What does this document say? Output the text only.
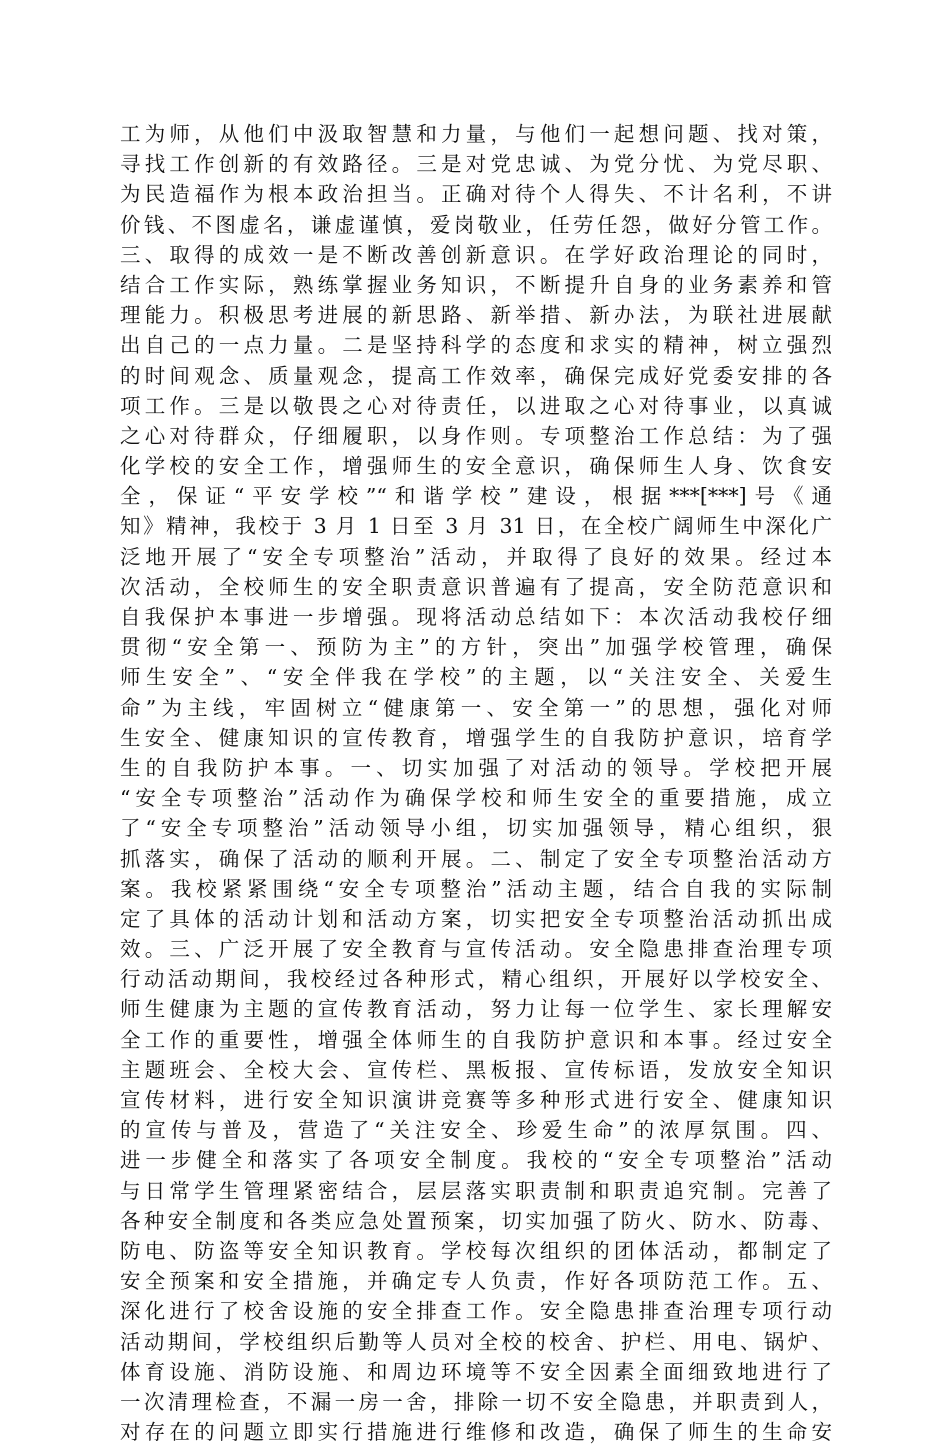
工为师，从他们中汲取智慧和力量，与他们一起想问题、找对策，
寻找工作创新的有效路径。三是对党忠诚、为党分忧、为党尽职、
为民造福作为根本政治担当。正确对待个人得失、不计名利，不讲
价钱、不图虚名，谦虚谨慎，爱岗敬业，任劳任怨，做好分管工作。
三、取得的成效一是不断改善创新意识。在学好政治理论的同时，
结合工作实际，熟练掌握业务知识，不断提升自身的业务素养和管
理能力。积极思考进展的新思路、新举措、新办法，为联社进展献
出自己的一点力量。二是坚持科学的态度和求实的精神，树立强烈
的时间观念、质量观念，提高工作效率，确保完成好党委安排的各
项工作。三是以敬畏之心对待责任，以进取之心对待事业，以真诚
之心对待群众，仔细履职，以身作则。专项整治工作总结：为了强
化学校的安全工作，增强师生的安全意识，确保师生人身、饮食安
全，保证“平安学校”“和谐学校”建设，根据***[***]号《通
知》精神，我校于 3 月 1 日至 3 月 31 日，在全校广阔师生中深化广
泛地开展了“安全专项整治”活动，并取得了良好的效果。经过本
次活动，全校师生的安全职责意识普遍有了提高，安全防范意识和
自我保护本事进一步增强。现将活动总结如下：本次活动我校仔细
贯彻“安全第一、预防为主”的方针，突出”加强学校管理，确保
师生安全”、“安全伴我在学校”的主题，以“关注安全、关爱生
命”为主线，牢固树立“健康第一、安全第一”的思想，强化对师
生安全、健康知识的宣传教育，增强学生的自我防护意识，培育学
生的自我防护本事。一、切实加强了对活动的领导。学校把开展
“安全专项整治”活动作为确保学校和师生安全的重要措施，成立
了“安全专项整治”活动领导小组，切实加强领导，精心组织，狠
抓落实，确保了活动的顺利开展。二、制定了安全专项整治活动方
案。我校紧紧围绕“安全专项整治”活动主题，结合自我的实际制
定了具体的活动计划和活动方案，切实把安全专项整治活动抓出成
效。三、广泛开展了安全教育与宣传活动。安全隐患排查治理专项
行动活动期间，我校经过各种形式，精心组织，开展好以学校安全、
师生健康为主题的宣传教育活动，努力让每一位学生、家长理解安
全工作的重要性，增强全体师生的自我防护意识和本事。经过安全
主题班会、全校大会、宣传栏、黑板报、宣传标语，发放安全知识
宣传材料，进行安全知识演讲竞赛等多种形式进行安全、健康知识
的宣传与普及，营造了“关注安全、珍爱生命”的浓厚氛围。四、
进一步健全和落实了各项安全制度。我校的“安全专项整治”活动
与日常学生管理紧密结合，层层落实职责制和职责追究制。完善了
各种安全制度和各类应急处置预案，切实加强了防火、防水、防毒、
防电、防盗等安全知识教育。学校每次组织的团体活动，都制定了
安全预案和安全措施，并确定专人负责，作好各项防范工作。五、
深化进行了校舍设施的安全排查工作。安全隐患排查治理专项行动
活动期间，学校组织后勤等人员对全校的校舍、护栏、用电、锅炉、
体育设施、消防设施、和周边环境等不安全因素全面细致地进行了
一次清理检查，不漏一房一舍，排除一切不安全隐患，并职责到人，
对存在的问题立即实行措施进行维修和改造，确保了师生的生命安
